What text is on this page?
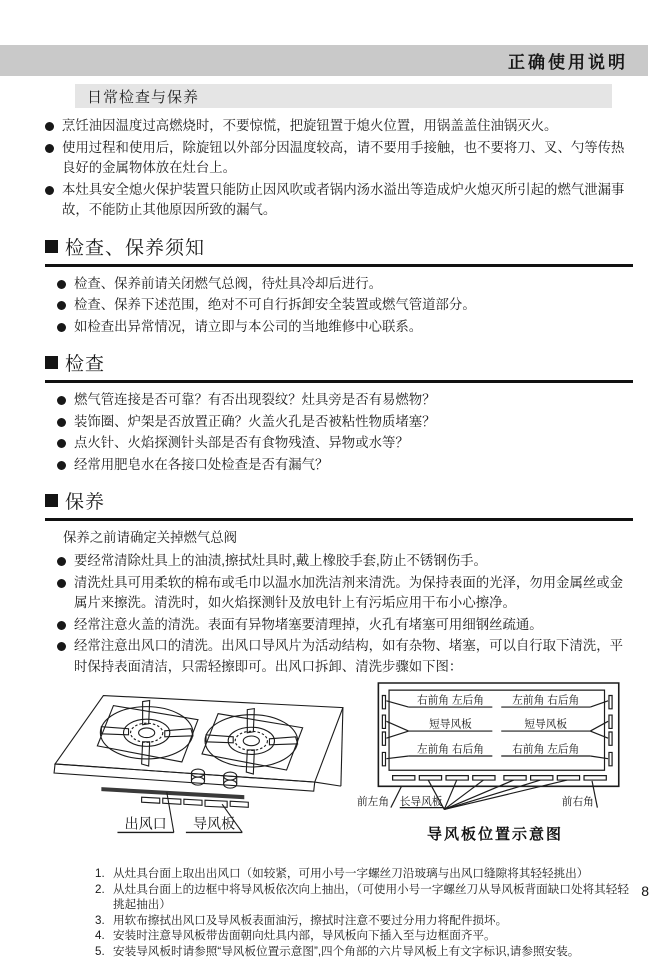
正确使用说明
日常检查与保养
烹饪油因温度过高燃烧时，不要惊慌，把旋钮置于熄火位置，用锅盖盖住油锅灭火。
使用过程和使用后，除旋钮以外部分因温度较高，请不要用手接触，也不要将刀、叉、勺等传热良好的金属物体放在灶台上。
本灶具安全熄火保护装置只能防止因风吹或者锅内汤水溢出等造成炉火熄灭所引起的燃气泄漏事故，不能防止其他原因所致的漏气。
检查、保养须知
检查、保养前请关闭燃气总阀，待灶具冷却后进行。
检查、保养下述范围，绝对不可自行拆卸安全装置或燃气管道部分。
如检查出异常情况，请立即与本公司的当地维修中心联系。
检查
燃气管连接是否可靠？有否出现裂纹？灶具旁是否有易燃物？
装饰圈、炉架是否放置正确？火盖火孔是否被粘性物质堵塞？
点火针、火焰探测针头部是否有食物残渣、异物或水等？
经常用肥皂水在各接口处检查是否有漏气？
保养
保养之前请确定关掉燃气总阀
要经常清除灶具上的油渍,擦拭灶具时,戴上橡胶手套,防止不锈钢伤手。
清洗灶具可用柔软的棉布或毛巾以温水加洗洁剂来清洗。为保持表面的光泽，勿用金属丝或金属片来擦洗。清洗时，如火焰探测针及放电针上有污垢应用干布小心擦净。
经常注意火盖的清洗。表面有异物堵塞要清理掉，火孔有堵塞可用细钢丝疏通。
经常注意出风口的清洗。出风口导风片为活动结构，如有杂物、堵塞，可以自行取下清洗，平时保持表面清洁，只需轻擦即可。出风口拆卸、清洗步骤如下图：
出风口 导风板
右前角 左后角
短导风板
左前角 右后角
左前角 右后角
短导风板
右前角 左后角
前左角 长导风板	前右角
导风板位置示意图
1. 从灶具台面上取出出风口（如较紧，可用小号一字螺丝刀沿玻璃与出风口缝隙将其轻轻挑出）
2. 从灶具台面上的边框中将导风板依次向上抽出，（可使用小号一字螺丝刀从导风板背面缺口处将其轻轻挑起抽出）
3. 用软布擦拭出风口及导风板表面油污，擦拭时注意不要过分用力将配件损坏。
4. 安装时注意导风板带齿面朝向灶具内部，导风板向下插入至与边框面齐平。
5. 安装导风板时请参照“导风板位置示意图”,四个角部的六片导风板上有文字标识,请参照安装。
8
